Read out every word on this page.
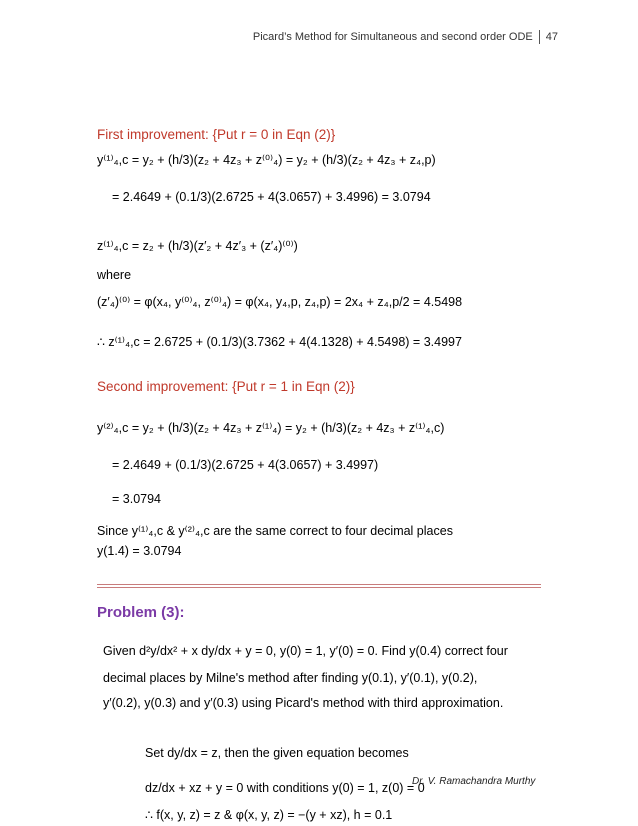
Picard’s Method for Simultaneous and second order ODE 47
First improvement: {Put r = 0 in Eqn (2)}
y⁽¹⁾₄,c = y₂ + (h/3)(z₂ + 4z₃ + z⁽⁰⁾₄) = y₂ + (h/3)(z₂ + 4z₃ + z₄,p)
= 2.4649 + (0.1/3)(2.6725 + 4(3.0657) + 3.4996) = 3.0794
z⁽¹⁾₄,c = z₂ + (h/3)(z′₂ + 4z′₃ + (z′₄)⁽⁰⁾)
where
(z′₄)⁽⁰⁾ = φ(x₄, y⁽⁰⁾₄, z⁽⁰⁾₄) = φ(x₄, y₄,p, z₄,p) = 2x₄ + z₄,p/2 = 4.5498
∴ z⁽¹⁾₄,c = 2.6725 + (0.1/3)(3.7362 + 4(4.1328) + 4.5498) = 3.4997
Second improvement: {Put r = 1 in Eqn (2)}
y⁽²⁾₄,c = y₂ + (h/3)(z₂ + 4z₃ + z⁽¹⁾₄) = y₂ + (h/3)(z₂ + 4z₃ + z⁽¹⁾₄,c)
= 2.4649 + (0.1/3)(2.6725 + 4(3.0657) + 3.4997)
= 3.0794
Since y⁽¹⁾₄,c & y⁽²⁾₄,c are the same correct to four decimal places
y(1.4) = 3.0794
Problem (3):
Given d²y/dx² + x dy/dx + y = 0, y(0) = 1, y′(0) = 0. Find y(0.4) correct four
decimal places by Milne's method after finding y(0.1), y′(0.1), y(0.2),
y′(0.2), y(0.3) and y′(0.3) using Picard's method with third approximation.
Set dy/dx = z, then the given equation becomes
dz/dx + xz + y = 0 with conditions y(0) = 1, z(0) = 0
∴ f(x, y, z) = z & φ(x, y, z) = −(y + xz), h = 0.1
Dr. V. Ramachandra Murthy
